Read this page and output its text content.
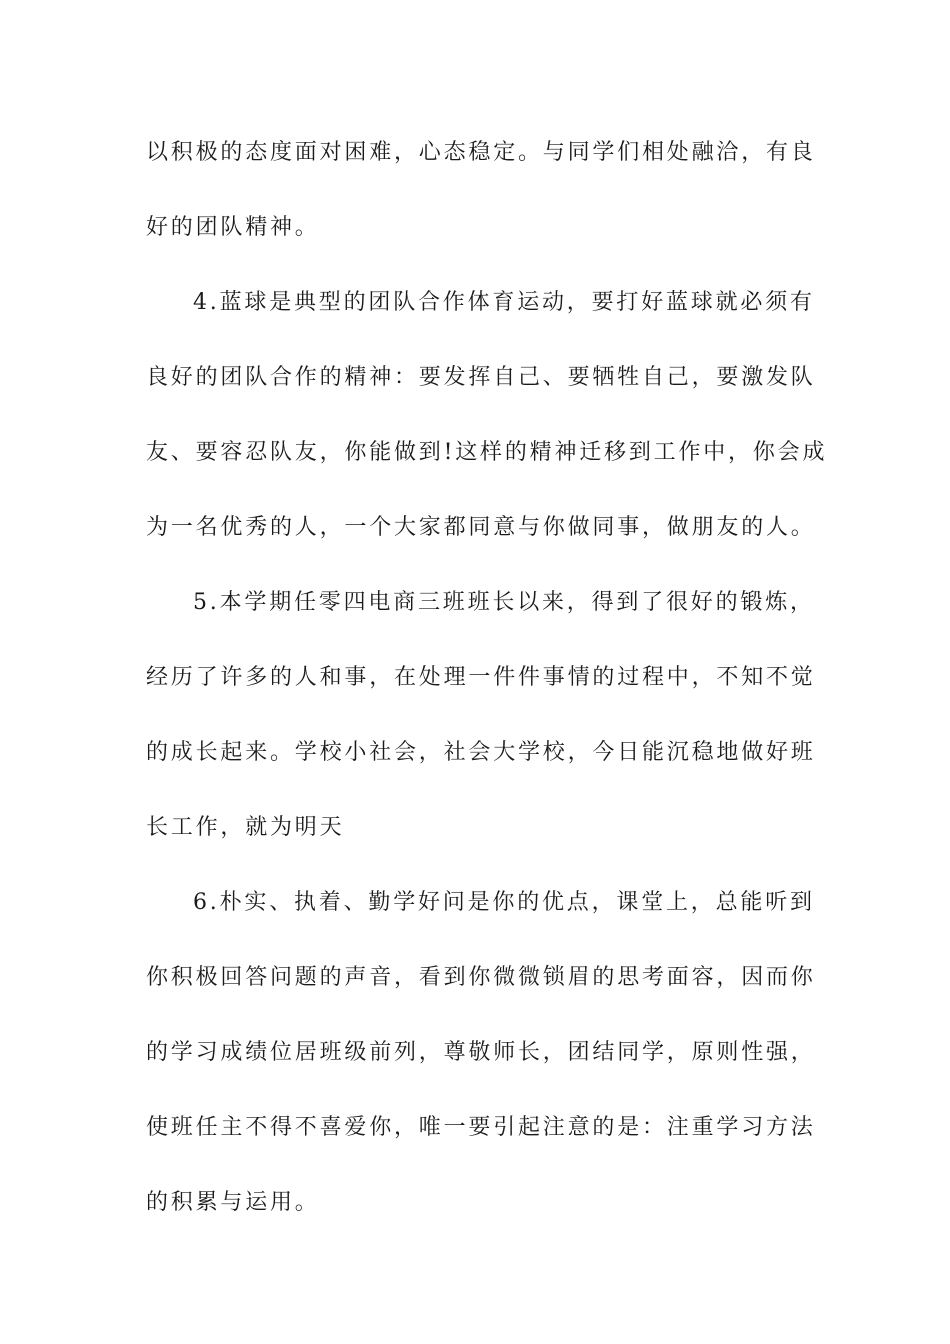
以积极的态度面对困难，心态稳定。与同学们相处融洽，有良
好的团队精神。
4.蓝球是典型的团队合作体育运动，要打好蓝球就必须有
良好的团队合作的精神：要发挥自己、要牺牲自己，要激发队
友、要容忍队友，你能做到!这样的精神迁移到工作中，你会成
为一名优秀的人，一个大家都同意与你做同事，做朋友的人。
5.本学期任零四电商三班班长以来，得到了很好的锻炼，
经历了许多的人和事，在处理一件件事情的过程中，不知不觉
的成长起来。学校小社会，社会大学校，今日能沉稳地做好班
长工作，就为明天
6.朴实、执着、勤学好问是你的优点，课堂上，总能听到
你积极回答问题的声音，看到你微微锁眉的思考面容，因而你
的学习成绩位居班级前列，尊敬师长，团结同学，原则性强，
使班任主不得不喜爱你，唯一要引起注意的是：注重学习方法
的积累与运用。
